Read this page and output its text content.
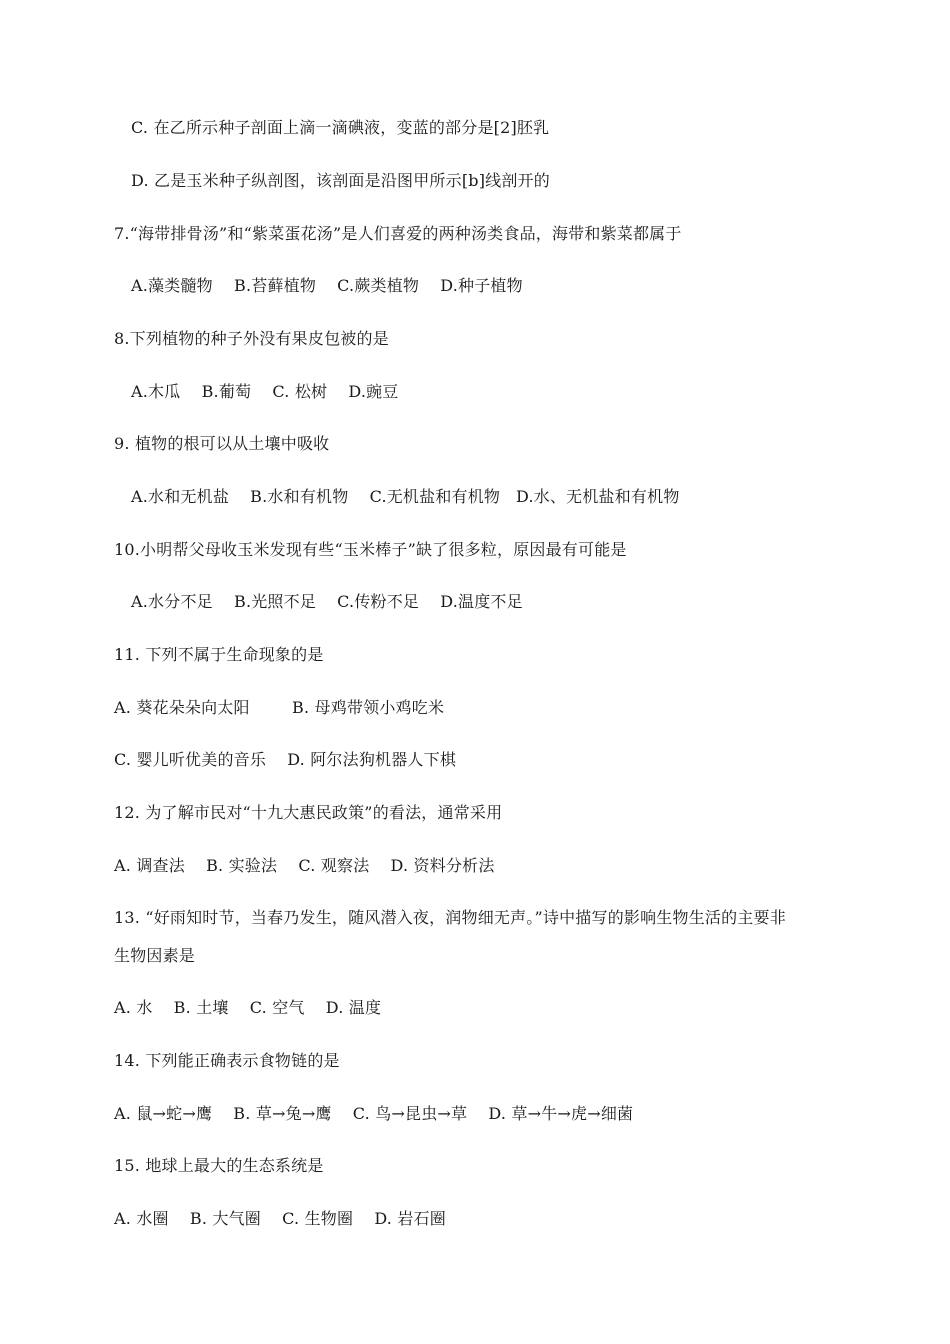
C. 在乙所示种子剖面上滴一滴碘液，变蓝的部分是[2]胚乳
D. 乙是玉米种子纵剖图，该剖面是沿图甲所示[b]线剖开的
7.“海带排骨汤”和“紫菜蛋花汤”是人们喜爱的两种汤类食品，海带和紫菜都属于
A.藻类髓物    B.苔藓植物    C.蕨类植物    D.种子植物
8.下列植物的种子外没有果皮包被的是
A.木瓜    B.葡萄    C. 松树    D.豌豆
9. 植物的根可以从土壤中吸收
A.水和无机盐    B.水和有机物    C.无机盐和有机物   D.水、无机盐和有机物
10.小明帮父母收玉米发现有些“玉米棒子”缺了很多粒，原因最有可能是
A.水分不足    B.光照不足    C.传粉不足    D.温度不足
11. 下列不属于生命现象的是
A. 葵花朵朵向太阳        B. 母鸡带领小鸡吃米
C. 婴儿听优美的音乐    D. 阿尔法狗机器人下棋
12. 为了解市民对“十九大惠民政策”的看法，通常采用
A. 调查法    B. 实验法    C. 观察法    D. 资料分析法
13. “好雨知时节，当春乃发生，随风潜入夜，润物细无声。”诗中描写的影响生物生活的主要非
生物因素是
A. 水    B. 土壤    C. 空气    D. 温度
14. 下列能正确表示食物链的是
A. 鼠→蛇→鹰    B. 草→兔→鹰    C. 鸟→昆虫→草    D. 草→牛→虎→细菌
15. 地球上最大的生态系统是
A. 水圈    B. 大气圈    C. 生物圈    D. 岩石圈
